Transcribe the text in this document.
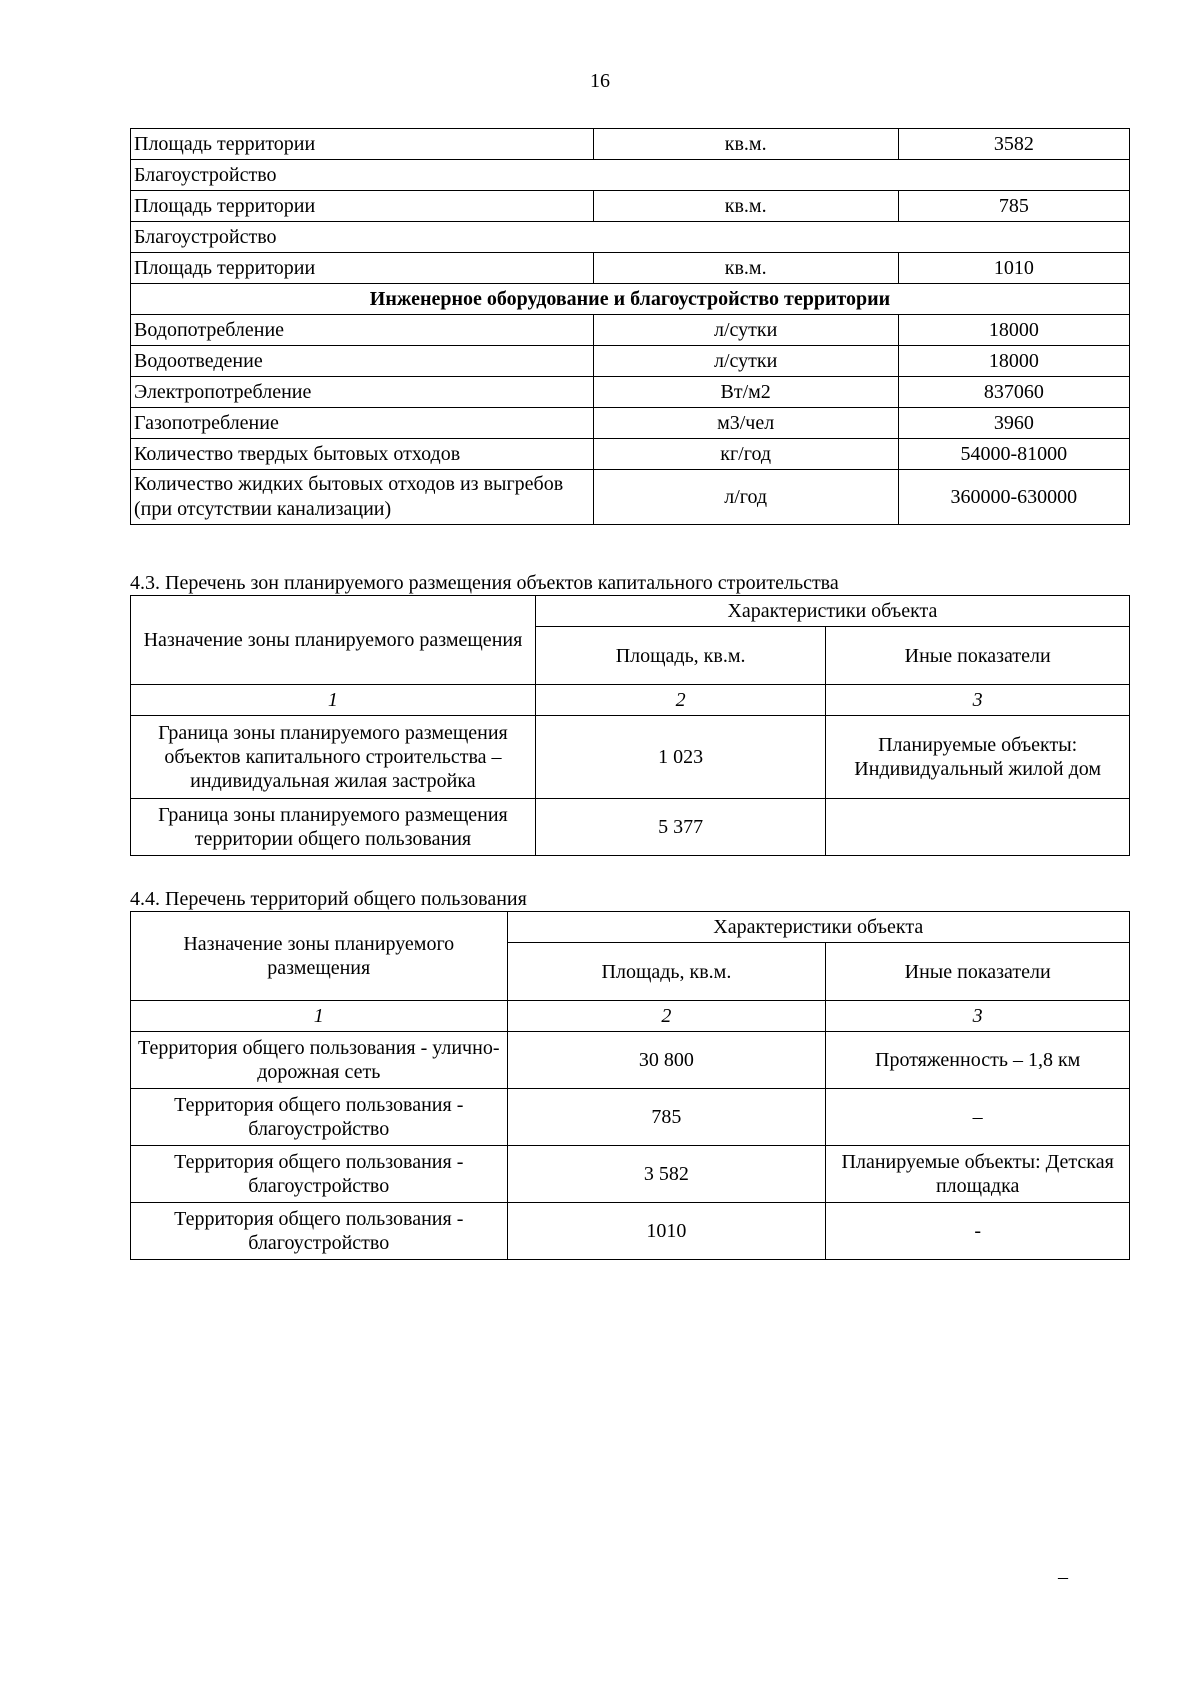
16
Площадь территории	кв.м.	3582
Благоустройство		
Площадь территории	кв.м.	785
Благоустройство		
Площадь территории	кв.м.	1010
Инженерное оборудование и благоустройство территории		
Водопотребление	л/сутки	18000
Водоотведение	л/сутки	18000
Электропотребление	Вт/м2	837060
Газопотребление	м3/чел	3960
Количество твердых бытовых отходов	кг/год	54000-81000
Количество жидких бытовых отходов из выгребов (при отсутствии канализации)	л/год	360000-630000
4.3. Перечень зон планируемого размещения объектов капитального строительства
Назначение зоны планируемого размещения	Характеристики объекта	
	Площадь, кв.м.	Иные показатели
1	2	3
Граница зоны планируемого размещения объектов капитального строительства – индивидуальная жилая застройка	1 023	Планируемые объекты: Индивидуальный жилой дом
Граница зоны планируемого размещения территории общего пользования	5 377	
4.4. Перечень территорий общего пользования
Назначение зоны планируемого размещения	Характеристики объекта	
	Площадь, кв.м.	Иные показатели
1	2	3
Территория общего пользования - улично-дорожная сеть	30 800	Протяженность – 1,8 км
Территория общего пользования - благоустройство	785	–
Территория общего пользования - благоустройство	3 582	Планируемые объекты: Детская площадка
Территория общего пользования - благоустройство	1010	-
–
